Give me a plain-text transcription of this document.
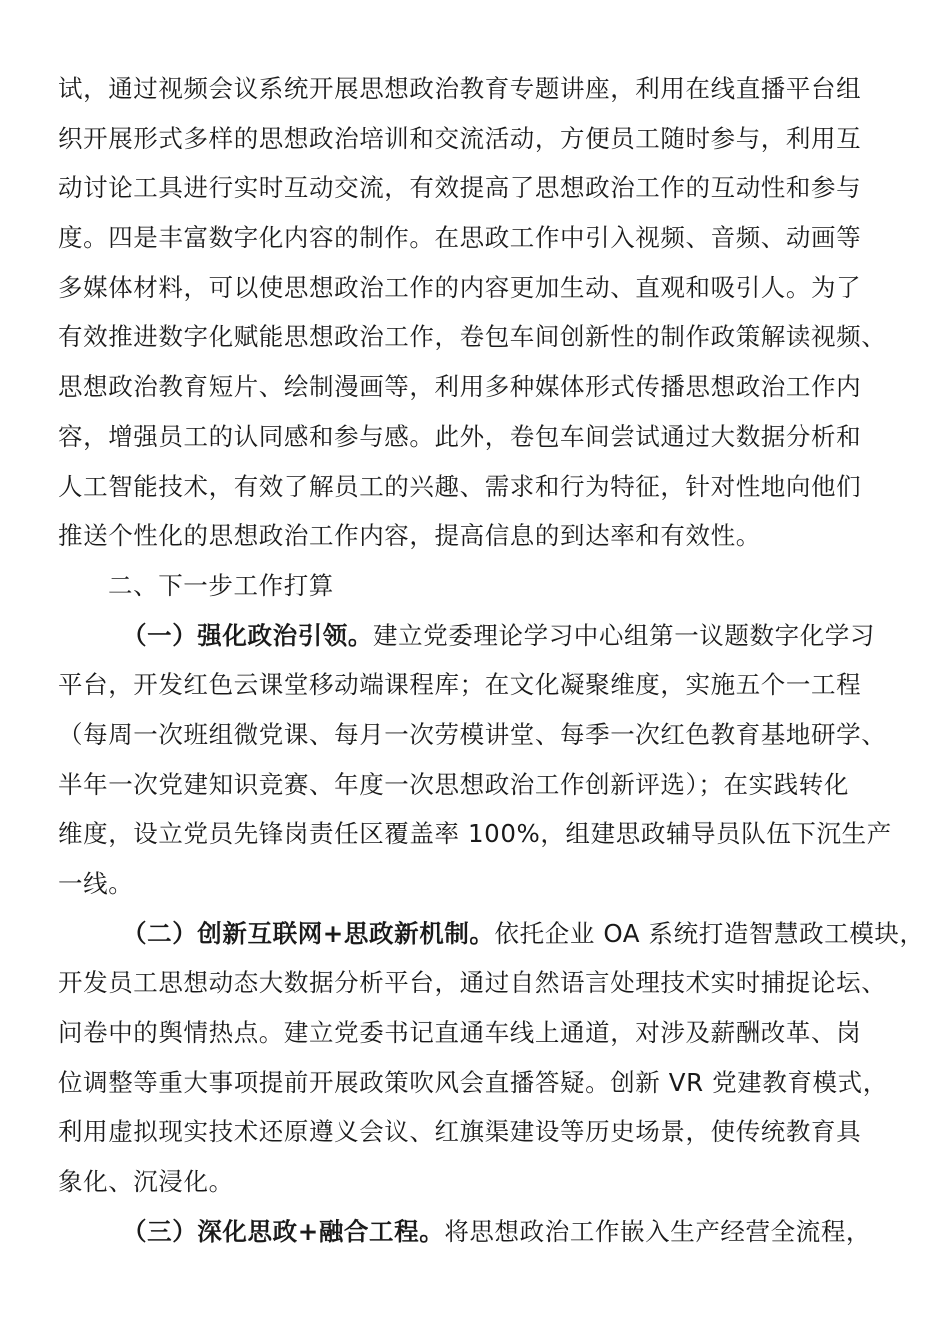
试，通过视频会议系统开展思想政治教育专题讲座，利用在线直播平台组
织开展形式多样的思想政治培训和交流活动，方便员工随时参与，利用互
动讨论工具进行实时互动交流，有效提高了思想政治工作的互动性和参与
度。四是丰富数字化内容的制作。在思政工作中引入视频、音频、动画等
多媒体材料，可以使思想政治工作的内容更加生动、直观和吸引人。为了
有效推进数字化赋能思想政治工作，卷包车间创新性的制作政策解读视频、
思想政治教育短片、绘制漫画等，利用多种媒体形式传播思想政治工作内
容，增强员工的认同感和参与感。此外，卷包车间尝试通过大数据分析和
人工智能技术，有效了解员工的兴趣、需求和行为特征，针对性地向他们
推送个性化的思想政治工作内容，提高信息的到达率和有效性。
二、下一步工作打算
（一）强化政治引领。建立党委理论学习中心组第一议题数字化学习
平台，开发红色云课堂移动端课程库；在文化凝聚维度，实施五个一工程
（每周一次班组微党课、每月一次劳模讲堂、每季一次红色教育基地研学、
半年一次党建知识竞赛、年度一次思想政治工作创新评选）；在实践转化
维度，设立党员先锋岗责任区覆盖率 100%，组建思政辅导员队伍下沉生产
一线。
（二）创新互联网+思政新机制。依托企业 OA 系统打造智慧政工模块，
开发员工思想动态大数据分析平台，通过自然语言处理技术实时捕捉论坛、
问卷中的舆情热点。建立党委书记直通车线上通道，对涉及薪酬改革、岗
位调整等重大事项提前开展政策吹风会直播答疑。创新 VR 党建教育模式，
利用虚拟现实技术还原遵义会议、红旗渠建设等历史场景，使传统教育具
象化、沉浸化。
（三）深化思政+融合工程。将思想政治工作嵌入生产经营全流程，
